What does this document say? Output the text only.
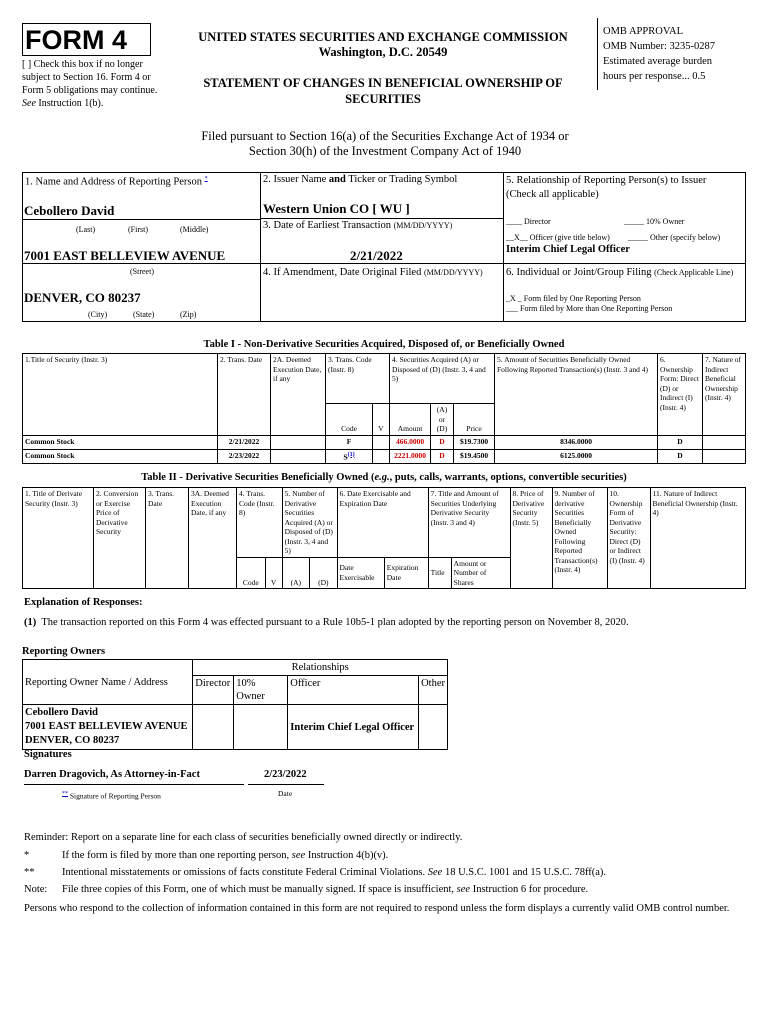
FORM 4
[ ] Check this box if no longer subject to Section 16. Form 4 or Form 5 obligations may continue. See Instruction 1(b).
UNITED STATES SECURITIES AND EXCHANGE COMMISSION
Washington, D.C. 20549
STATEMENT OF CHANGES IN BENEFICIAL OWNERSHIP OF SECURITIES
OMB APPROVAL
OMB Number: 3235-0287
Estimated average burden
hours per response... 0.5
Filed pursuant to Section 16(a) of the Securities Exchange Act of 1934 or
Section 30(h) of the Investment Company Act of 1940
1. Name and Address of Reporting Person *
Cebollero David
(Last)	(First)	(Middle)
7001 EAST BELLEVIEW AVENUE
(Street)
DENVER, CO 80237
(City)	(State)	(Zip)
2. Issuer Name and Ticker or Trading Symbol
Western Union CO [ WU ]
3. Date of Earliest Transaction (MM/DD/YYYY)
2/21/2022
4. If Amendment, Date Original Filed (MM/DD/YYYY)
5. Relationship of Reporting Person(s) to Issuer
(Check all applicable)
____ Director	_____ 10% Owner
__X__ Officer (give title below) _____ Other (specify below)
Interim Chief Legal Officer
6. Individual or Joint/Group Filing (Check Applicable Line)
_X _ Form filed by One Reporting Person
___ Form filed by More than One Reporting Person
Table I - Non-Derivative Securities Acquired, Disposed of, or Beneficially Owned
1.Title of Security (Instr. 3)	2. Trans. Date	2A. Deemed Execution Date, if any	3. Trans. Code (Instr. 8)		4. Securities Acquired (A) or Disposed of (D) (Instr. 3, 4 and 5)			5. Amount of Securities Beneficially Owned Following Reported Transaction(s) (Instr. 3 and 4)	6. Ownership Form: Direct (D) or Indirect (I) (Instr. 4)	7. Nature of Indirect Beneficial Ownership (Instr. 4)
			Code	V	Amount	(A) or (D)	Price			
Common Stock	2/21/2022		F		466.0000	D	$19.7300	8346.0000	D	
Common Stock	2/23/2022		$S^{(1)}$		2221.0000	D	$19.4500	6125.0000	D	
Table II - Derivative Securities Beneficially Owned (e.g., puts, calls, warrants, options, convertible securities)
1. Title of Derivate Security (Instr. 3)	2. Conversion or Exercise Price of Derivative Security	3. Trans. Date	3A. Deemed Execution Date, if any	4. Trans. Code (Instr. 8)		5. Number of Derivative Securities Acquired (A) or Disposed of (D) (Instr. 3, 4 and 5)		6. Date Exercisable and Expiration Date		7. Title and Amount of Securities Underlying Derivative Security (Instr. 3 and 4)		8. Price of Derivative Security (Instr. 5)	9. Number of derivative Securities Beneficially Owned Following Reported Transaction(s) (Instr. 4)	10. Ownership Form of Derivative Security: Direct (D) or Indirect (I) (Instr. 4)	11. Nature of Indirect Beneficial Ownership (Instr. 4)
				Code	V	(A)	(D)	Date Exercisable	Expiration Date	Title	Amount or Number of Shares				
Explanation of Responses:
(1) The transaction reported on this Form 4 was effected pursuant to a Rule 10b5-1 plan adopted by the reporting person on November 8, 2020.
Reporting Owners
Reporting Owner Name / Address	Relationships			
	Director	10% Owner	Officer	Other

Cebollero David
7001 EAST BELLEVIEW AVENUE
DENVER, CO 80237			Interim Chief Legal Officer	
Signatures
Darren Dragovich, As Attorney-in-Fact	2/23/2022
** Signature of Reporting Person	Date
Reminder: Report on a separate line for each class of securities beneficially owned directly or indirectly.
*	If the form is filed by more than one reporting person, see Instruction 4(b)(v).
**	Intentional misstatements or omissions of facts constitute Federal Criminal Violations. See 18 U.S.C. 1001 and 15 U.S.C. 78ff(a).
Note: File three copies of this Form, one of which must be manually signed. If space is insufficient, see Instruction 6 for procedure.
Persons who respond to the collection of information contained in this form are not required to respond unless the form displays a currently valid OMB control number.
